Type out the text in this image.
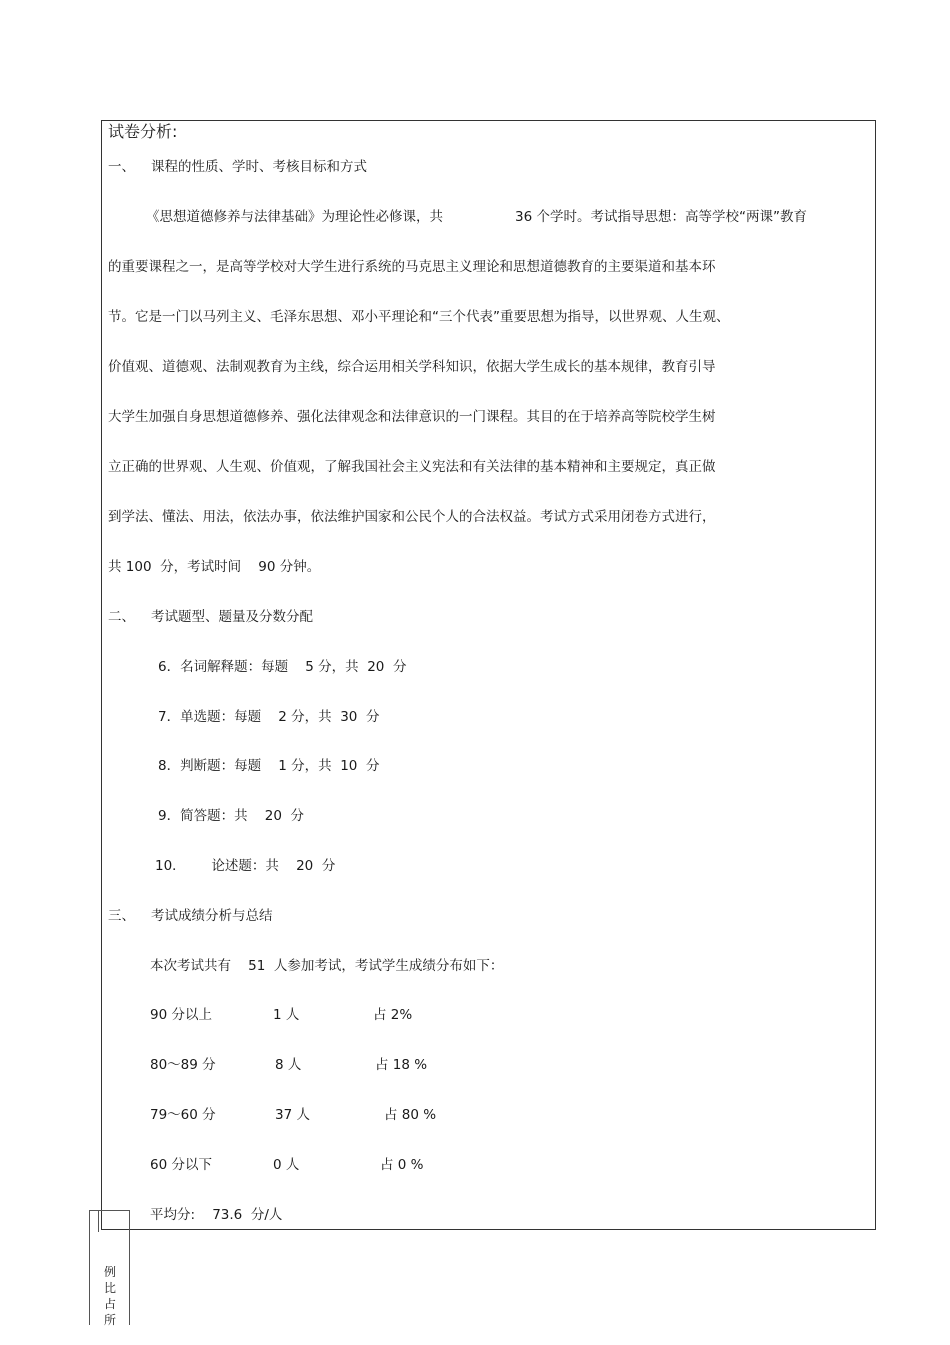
试卷分析:
一、 课程的性质、学时、考核目标和方式
《思想道德修养与法律基础》为理论性必修课，共	36 个学时。考试指导思想：高等学校“两课”教育
的重要课程之一，是高等学校对大学生进行系统的马克思主义理论和思想道德教育的主要渠道和基本环
节。它是一门以马列主义、毛泽东思想、邓小平理论和“三个代表”重要思想为指导，以世界观、人生观、
价值观、道德观、法制观教育为主线，综合运用相关学科知识，依据大学生成长的基本规律，教育引导
大学生加强自身思想道德修养、强化法律观念和法律意识的一门课程。其目的在于培养高等院校学生树
立正确的世界观、人生观、价值观，了解我国社会主义宪法和有关法律的基本精神和主要规定，真正做
到学法、懂法、用法，依法办事，依法维护国家和公民个人的合法权益。考试方式采用闭卷方式进行，
共 100  分，考试时间    90 分钟。
二、 考试题型、题量及分数分配
6．名词解释题：每题    5 分，共  20  分
7．单选题：每题    2 分，共  30  分
8．判断题：每题    1 分，共  10  分
9．简答题：共    20  分
10．      论述题：共    20  分
三、 考试成绩分析与总结
本次考试共有    51  人参加考试，考试学生成绩分布如下：
90 分以上	1 人	占 2%
80～89 分	8 人	占 18 %
79～60 分	37 人	占 80 %
60 分以下	0 人	占 0 %
平均分:    73.6  分/人
例比占所
